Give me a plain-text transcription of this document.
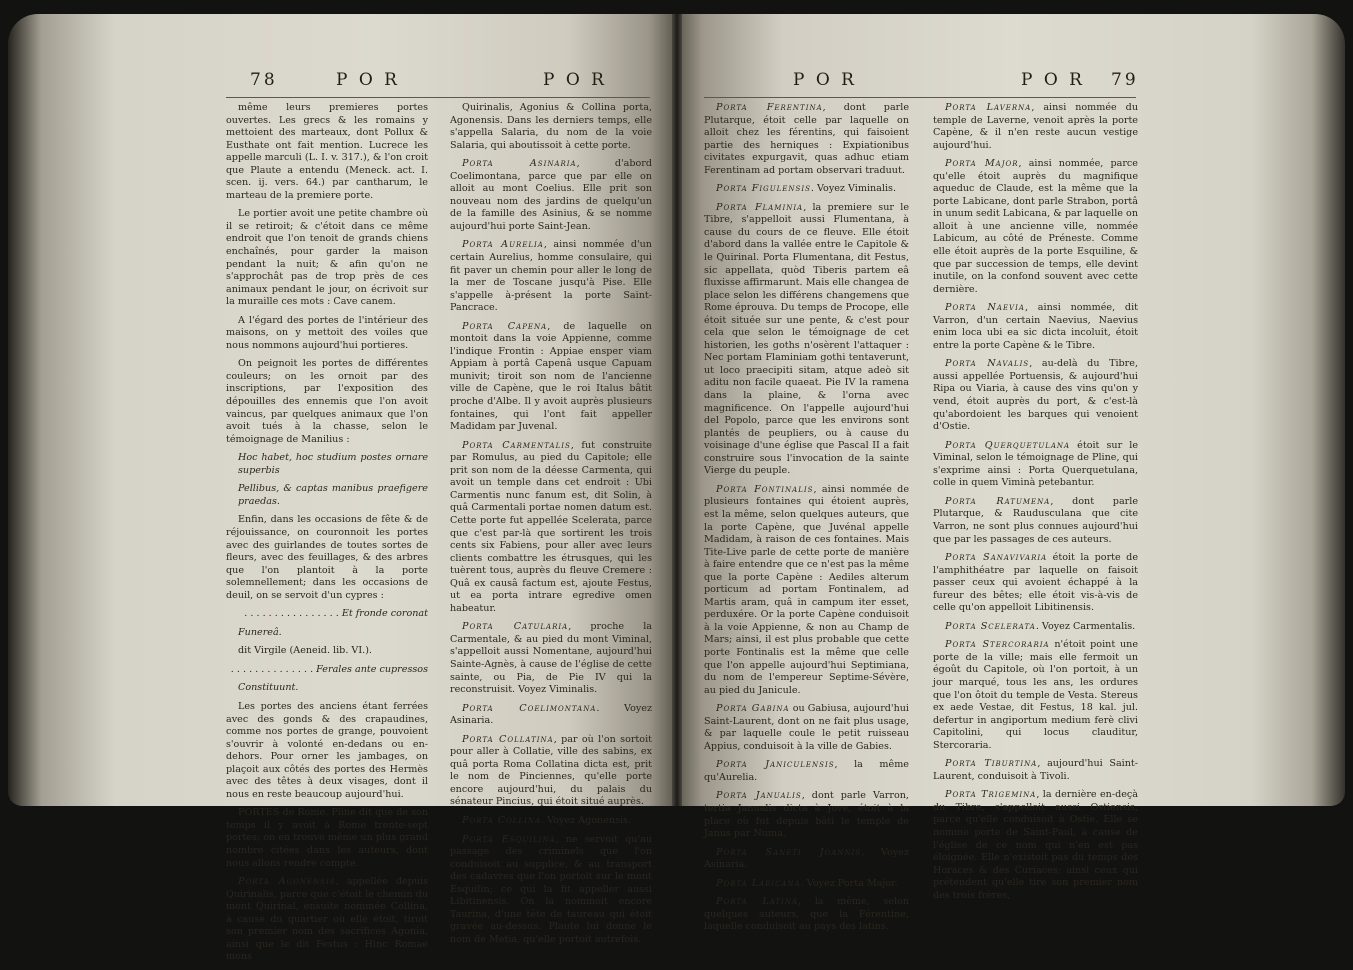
78	P O R	P O R

même leurs premieres portes ouvertes. Les grecs & les romains y mettoient des marteaux, dont Pollux & Eusthate ont fait mention. Lucrece les appelle marculi (L. I. v. 317.), & l'on croit que Plaute a entendu (Meneck. act. I. scen. ij. vers. 64.) par cantharum, le marteau de la premiere porte.

Le portier avoit une petite chambre où il se retiroit; & c'étoit dans ce même endroit que l'on tenoit de grands chiens enchaînés, pour garder la maison pendant la nuit; & afin qu'on ne s'approchât pas de trop près de ces animaux pendant le jour, on écrivoit sur la muraille ces mots : Cave canem.

A l'égard des portes de l'intérieur des maisons, on y mettoit des voiles que nous nommons aujourd'hui portieres.

On peignoit les portes de différentes couleurs; on les ornoit par des inscriptions, par l'exposition des dépouilles des ennemis que l'on avoit vaincus, par quelques animaux que l'on avoit tués à la chasse, selon le témoignage de Manilius :

Hoc habet, hoc studium postes ornare superbis

Pellibus, & captas manibus praefigere praedas.

Enfin, dans les occasions de fête & de réjouissance, on couronnoit les portes avec des guirlandes de toutes sortes de fleurs, avec des feuillages, & des arbres que l'on plantoit à la porte solemnellement; dans les occasions de deuil, on se servoit d'un cypres :

. . . . . . . . . . . . . . . . Et fronde coronat

Funereâ.

dit Virgile (Aeneid. lib. VI.).

. . . . . . . . . . . . . . Ferales ante cupressos

Constituunt.

Les portes des anciens étant ferrées avec des gonds & des crapaudines, comme nos portes de grange, pouvoient s'ouvrir à volonté en-dedans ou en-dehors. Pour orner les jambages, on plaçoit aux côtés des portes des Hermès avec des têtes à deux visages, dont il nous en reste beaucoup aujourd'hui.

PORTES de Rome. Pline dit que de son temps il y avoit à Rome trente-sept portes; on en trouve même un plus grand nombre citées dans les auteurs, dont nous allons rendre compte.

Porta Agonensis, appellée depuis Quirinalis, parce que c'étoit le chemin du mont Quirinal, ensuite nommée Collina, à cause du quartier où elle étoit, tiroit son premier nom des sacrifices Agonia, ainsi que le dit Festus : Hinc Romae mons

Quirinalis, Agonius & Collina porta, Agonensis. Dans les derniers temps, elle s'appella Salaria, du nom de la voie Salaria, qui aboutissoit à cette porte.

Porta Asinaria, d'abord Coelimontana, parce que par elle on alloit au mont Coelius. Elle prit son nouveau nom des jardins de quelqu'un de la famille des Asinius, & se nomme aujourd'hui porte Saint-Jean.

Porta Aurelia, ainsi nommée d'un certain Aurelius, homme consulaire, qui fit paver un chemin pour aller le long de la mer de Toscane jusqu'à Pise. Elle s'appelle à-présent la porte Saint-Pancrace.

Porta Capena, de laquelle on montoit dans la voie Appienne, comme l'indique Frontin : Appiae ensper viam Appiam à portâ Capenâ usque Capuam munivit; tiroit son nom de l'ancienne ville de Capène, que le roi Italus bâtit proche d'Albe. Il y avoit auprès plusieurs fontaines, qui l'ont fait appeller Madidam par Juvenal.

Porta Carmentalis, fut construite par Romulus, au pied du Capitole; elle prit son nom de la déesse Carmenta, qui avoit un temple dans cet endroit : Ubi Carmentis nunc fanum est, dit Solin, à quâ Carmentali portae nomen datum est. Cette porte fut appellée Scelerata, parce que c'est par-là que sortirent les trois cents six Fabiens, pour aller avec leurs clients combattre les étrusques, qui les tuèrent tous, auprès du fleuve Cremere : Quâ ex causâ factum est, ajoute Festus, ut ea porta intrare egredive omen habeatur.

Porta Catularia, proche la Carmentale, & au pied du mont Viminal, s'appelloit aussi Nomentane, aujourd'hui Sainte-Agnès, à cause de l'église de cette sainte, ou Pia, de Pie IV qui la reconstruisit. Voyez Viminalis.

Porta Coelimontana. Voyez Asinaria.

Porta Collatina, par où l'on sortoit pour aller à Collatie, ville des sabins, ex quâ porta Roma Collatina dicta est, prit le nom de Pinciennes, qu'elle porte encore aujourd'hui, du palais du sénateur Pincius, qui étoit situé auprès.

Porta Collina. Voyez Agonensis.

Porta Esquilina, ne servoit qu'au passage des criminels que l'on conduisoit au supplice, & au transport des cadavres que l'on portoit sur le mont Esquilin; ce qui la fit appeller aussi Libitinensis. On la nommoit encore Taurina, d'une tête de taureau qui étoit gravée au-dessus. Plaute lui donne le nom de Metia, qu'elle portoit autrefois.

P O R	P O R 79

Porta Ferentina, dont parle Plutarque, étoit celle par laquelle on alloit chez les férentins, qui faisoient partie des herniques : Expiationibus civitates expurgavit, quas adhuc etiam Ferentinam ad portam observari traduut.

Porta Figulensis. Voyez Viminalis.

Porta Flaminia, la premiere sur le Tibre, s'appelloit aussi Flumentana, à cause du cours de ce fleuve. Elle étoit d'abord dans la vallée entre le Capitole & le Quirinal. Porta Flumentana, dit Festus, sic appellata, quòd Tiberis partem eâ fluxisse affirmarunt. Mais elle changea de place selon les différens changemens que Rome éprouva. Du temps de Procope, elle étoit située sur une pente, & c'est pour cela que selon le témoignage de cet historien, les goths n'osèrent l'attaquer : Nec portam Flaminiam gothi tentaverunt, ut loco praecipiti sitam, atque adeò sit aditu non facile quaeat. Pie IV la ramena dans la plaine, & l'orna avec magnificence. On l'appelle aujourd'hui del Popolo, parce que les environs sont plantés de peupliers, ou à cause du voisinage d'une église que Pascal II a fait construire sous l'invocation de la sainte Vierge du peuple.

Porta Fontinalis, ainsi nommée de plusieurs fontaines qui étoient auprès, est la même, selon quelques auteurs, que la porte Capène, que Juvénal appelle Madidam, à raison de ces fontaines. Mais Tite-Live parle de cette porte de manière à faire entendre que ce n'est pas la même que la porte Capène : Aediles alterum porticum ad portam Fontinalem, ad Martis aram, quâ in campum iter esset, perduxére. Or la porte Capène conduisoit à la voie Appienne, & non au Champ de Mars; ainsi, il est plus probable que cette porte Fontinalis est la même que celle que l'on appelle aujourd'hui Septimiana, du nom de l'empereur Septime-Sévère, au pied du Janicule.

Porta Gabina ou Gabiusa, aujourd'hui Saint-Laurent, dont on ne fait plus usage, & par laquelle coule le petit ruisseau Appius, conduisoit à la ville de Gabies.

Porta Janiculensis, la même qu'Aurelia.

Porta Janualis, dont parle Varron, tertia Janualis dicta à Jove, étoit à la place où fut depuis bâti le temple de Janus par Numa.

Porta Saneti Joannis. Voyez Asinaria.

Porta Labicana. Voyez Porta Major.

Porta Latina, la même, selon quelques auteurs, que la Férentine, laquelle conduisoit au pays des latins.

Porta Laverna, ainsi nommée du temple de Laverne, venoit après la porte Capène, & il n'en reste aucun vestige aujourd'hui.

Porta Major, ainsi nommée, parce qu'elle étoit auprès du magnifique aqueduc de Claude, est la même que la porte Labicane, dont parle Strabon, portâ in unum sedit Labicana, & par laquelle on alloit à une ancienne ville, nommée Labicum, au côté de Préneste. Comme elle étoit auprès de la porte Esquiline, & que par succession de temps, elle devint inutile, on la confond souvent avec cette dernière.

Porta Naevia, ainsi nommée, dit Varron, d'un certain Naevius, Naevius enim loca ubi ea sic dicta incoluit, étoit entre la porte Capène & le Tibre.

Porta Navalis, au-delà du Tibre, aussi appellée Portuensis, & aujourd'hui Ripa ou Viaria, à cause des vins qu'on y vend, étoit auprès du port, & c'est-là qu'abordoient les barques qui venoient d'Ostie.

Porta Querquetulana étoit sur le Viminal, selon le témoignage de Pline, qui s'exprime ainsi : Porta Querquetulana, colle in quem Viminà petebantur.

Porta Ratumena, dont parle Plutarque, & Raudusculana que cite Varron, ne sont plus connues aujourd'hui que par les passages de ces auteurs.

Porta Sanavivaria étoit la porte de l'amphithéatre par laquelle on faisoit passer ceux qui avoient échappé à la fureur des bêtes; elle étoit vis-à-vis de celle qu'on appelloit Libitinensis.

Porta Scelerata. Voyez Carmentalis.

Porta Stercoraria n'étoit point une porte de la ville; mais elle fermoit un égoût du Capitole, où l'on portoit, à un jour marqué, tous les ans, les ordures que l'on ôtoit du temple de Vesta. Stereus ex aede Vestae, dit Festus, 18 kal. jul. defertur in angiportum medium ferè clivi Capitolini, qui locus clauditur, Stercoraria.

Porta Tiburtina, aujourd'hui Saint-Laurent, conduisoit à Tivoli.

Porta Trigemina, la dernière en-deçà du Tibre, s'appelloit aussi Ostiensis, parce qu'elle conduisoit à Ostie. Elle se nomme porte de Saint-Paul, à cause de l'église de ce nom qui n'en est pas éloignée. Elle n'existoit pas du temps des Horaces & des Curiaces; ainsi ceux qui prétendent qu'elle tire son premier nom des trois frères,
